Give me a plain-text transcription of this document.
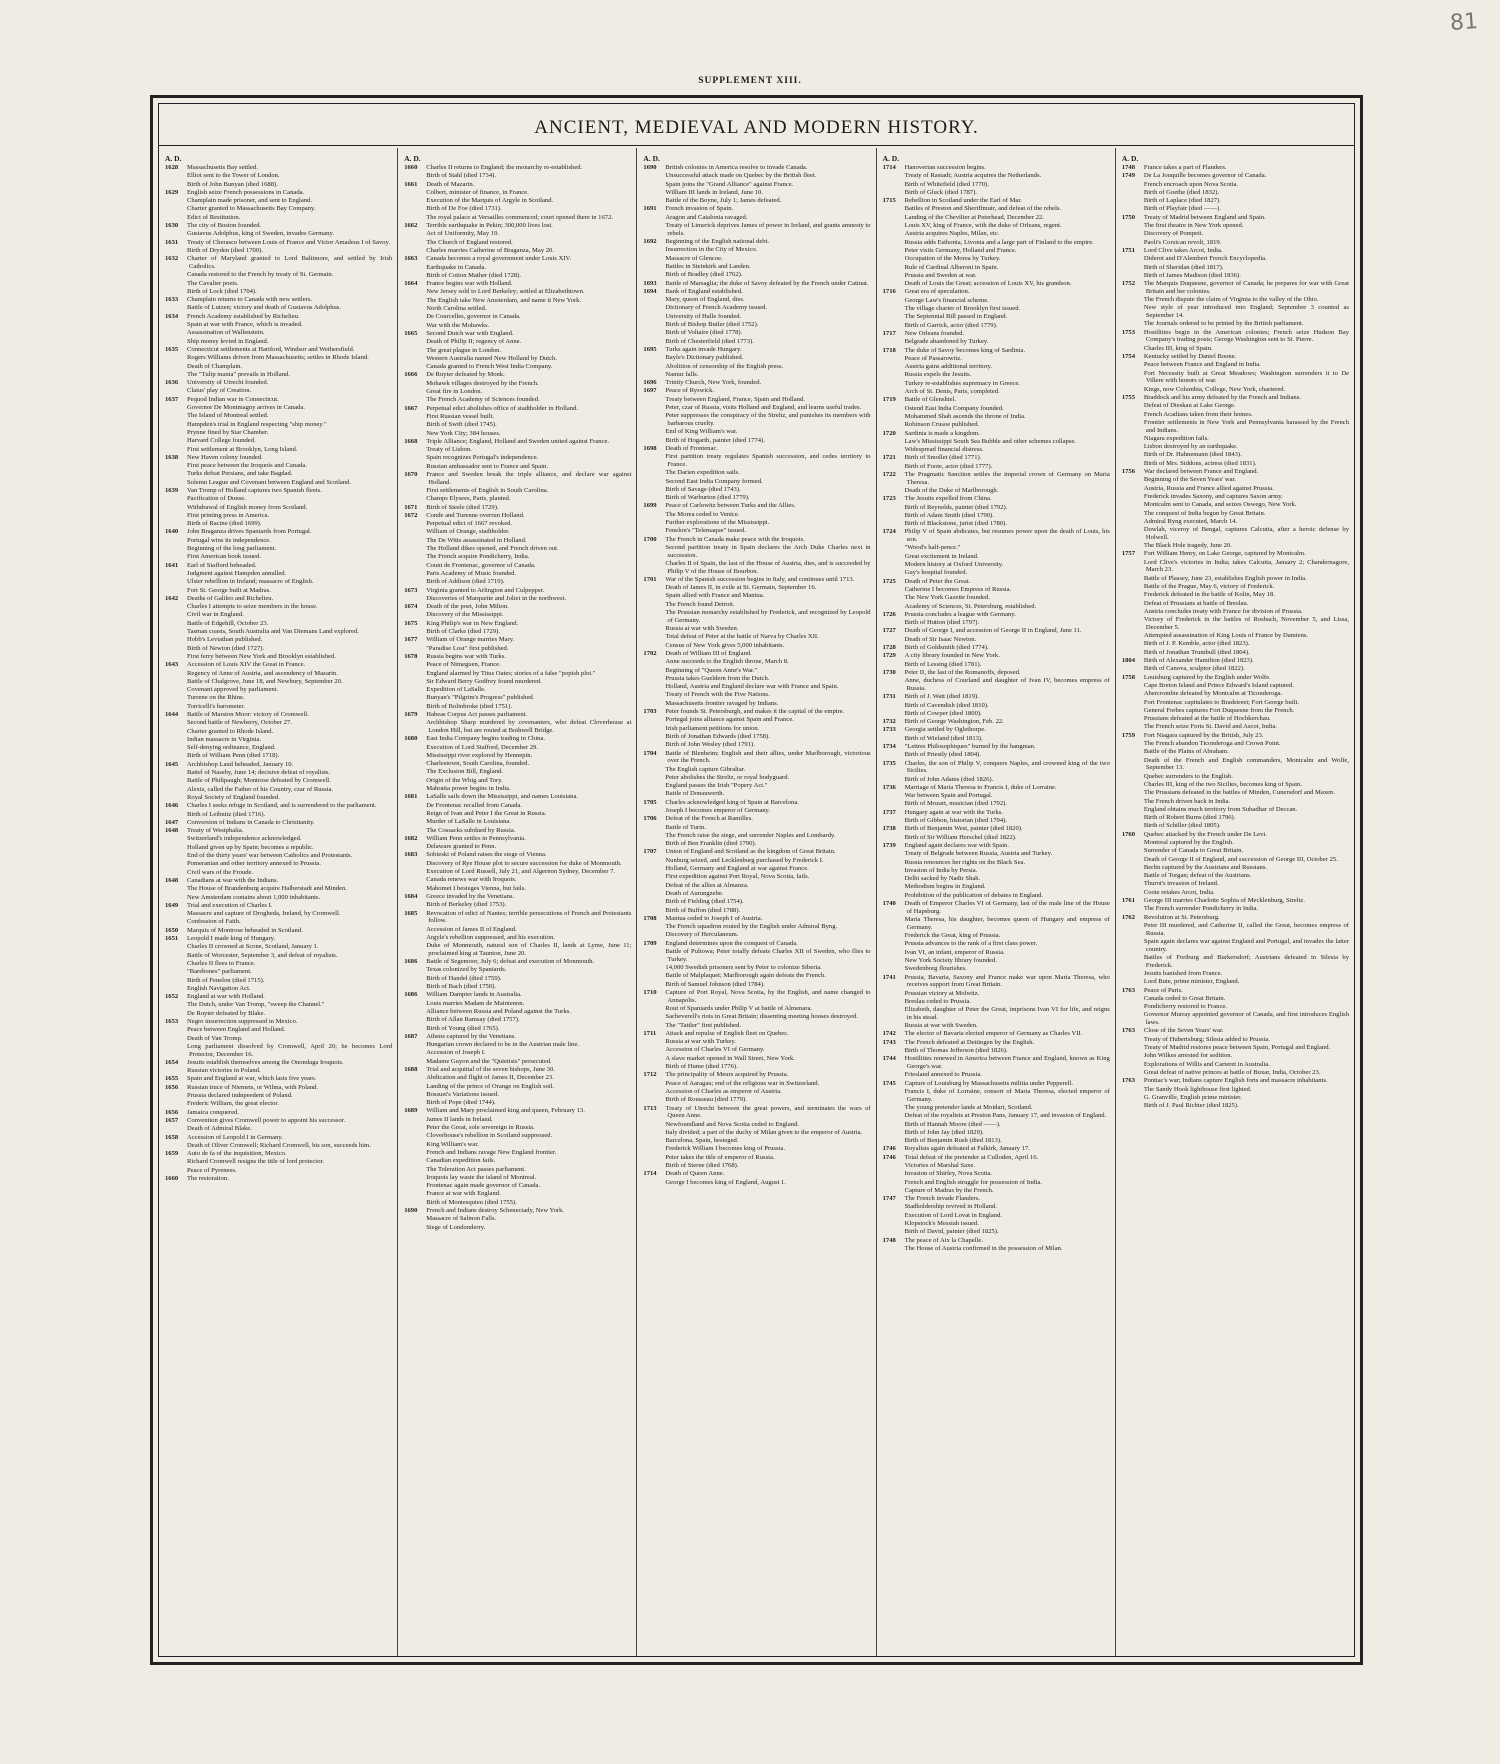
81
SUPPLEMENT XIII.
ANCIENT, MEDIEVAL AND MODERN HISTORY.
A. D.
1628	Massachusetts Bay settled.
Elliot sent to the Tower of London.
Birth of John Bunyan (died 1688).
1629	English seize French possessions in Canada.
Champlain made prisoner, and sent to England.
Charter granted to Massachusetts Bay Company.
Edict of Restitution.
1630	The city of Boston founded.
Gustavus Adolphus, king of Sweden, invades Germany.
1631	Treaty of Cherasco between Louis of France and Victor Amadeus I of Savoy.
Birth of Dryden (died 1700).
1632	Charter of Maryland granted to Lord Baltimore, and settled by Irish Catholics.
Canada restored to the French by treaty of St. Germain.
The Cavalier poets.
Birth of Lock (died 1704).
1633	Champlain returns to Canada with new settlers.
Battle of Lutzen; victory and death of Gustavus Adolphus.
1634	French Academy established by Richelieu.
Spain at war with France, which is invaded.
Assassination of Wallenstein.
Ship money levied in England.
1635	Connecticut settlements at Hartford, Windsor and Wethersfield.
Rogers Williams driven from Massachusetts; settles in Rhode Island.
Death of Champlain.
The "Tulip mania" prevails in Holland.
1636	University of Utrecht founded.
Claius' play of Creation.
1637	Pequod Indian war in Connecticut.
Governor De Montmagny arrives in Canada.
The Island of Montreal settled.
Hampden's trial in England respecting "ship money."
Prynne fined by Star Chamber.
Harvard College founded.
First settlement at Brooklyn, Long Island.
1638	New Haven colony founded.
First peace between the Iroquois and Canada.
Turks defeat Persians, and take Bagdad.
Solemn League and Covenant between England and Scotland.
1639	Van Tromp of Holland captures two Spanish fleets.
Pacification of Dunse.
Withdrawal of English money from Scotland.
First printing press in America.
Birth of Racine (died 1699).
1640	John Braganza drives Spaniards from Portugal.
Portugal wins its independence.
Beginning of the long parliament.
First American book issued.
1641	Earl of Stafford beheaded.
Judgment against Hampden annulled.
Ulster rebellion in Ireland; massacre of English.
Fort St. George built at Madras.
1642	Deaths of Galileo and Richelieu.
Charles I attempts to seize members in the house.
Civil war in England.
Battle of Edgehill, October 23.
Tasman coasts, South Australia and Van Diemans Land explored.
Hobb's Leviathan published.
Birth of Newton (died 1727).
First ferry between New York and Brooklyn established.
1643	Accession of Louis XIV the Great in France.
Regency of Anne of Austria, and ascendency of Mazarin.
Battle of Chalgrove, June 18, and Newbury, September 20.
Covenant approved by parliament.
Turrene on the Rhine.
Torricelli's barometer.
1644	Battle of Marston Moor: victory of Cromwell.
Second battle of Newberry, October 27.
Charter granted to Rhode Island.
Indian massacre in Virginia.
Self-denying ordinance, England.
Birth of William Penn (died 1718).
1645	Archbishop Laud beheaded, January 10.
Battel of Naseby, June 14; decisive defeat of royalists.
Battle of Philipaugh; Montrose defeated by Cromwell.
Alexis, called the Father of his Country, czar of Russia.
Royal Society of England founded.
1646	Charles I seeks refuge in Scotland, and is surrendered to the parliament.
Birth of Leibnitz (died 1716).
1647	Conversion of Indians in Canada to Christianity.
1648	Treaty of Westphalia.
Switzerland's independence acknowledged.
Holland given up by Spain; becomes a republic.
End of the thirty years' war between Catholics and Protestants.
Pomeranian and other territory annexed to Prussia.
Civil wars of the Froude.
1648	Canadians at war with the Indians.
The House of Brandenburg acquire Halberstadt and Minden.
New Amsterdam contains about 1,000 inhabitants.
1649	Trial and execution of Charles I.
Massacre and capture of Drogheda, Ireland, by Cromwell.
Confession of Faith.
1650	Marquis of Montrose beheaded in Scotland.
1651	Leopold I made king of Hungary.
Charles II crowned at Scone, Scotland, January 1.
Battle of Worcester, September 3, and defeat of royalists.
Charles II flees to France.
"Barebones" parliament.
Birth of Fenelon (died 1715).
English Navigation Act.
1652	England at war with Holland.
The Dutch, under Van Tromp, "sweep the Channel."
De Ruyter defeated by Blake.
1653	Negro insurrection suppressed in Mexico.
Peace between England and Holland.
Death of Van Tromp.
Long parliament dissolved by Cromwell, April 20; he becomes Lord Protector, December 16.
1654	Jesuits establish themselves among the Onondaga Iroquois.
Russian victories in Poland.
1655	Spain and England at war, which lasts five years.
1656	Russian truce of Niemets, or Wilma, with Poland.
Prussia declared indnpeedent of Poland.
Frederic William, the great elector.
1656	Jamaica conquered.
1657	Convention gives Cromwell power to appoint his successor.
Death of Admiral Blake.
1658	Accession of Leopold I in Germany.
Death of Oliver Cromwell; Richard Cromwell, his son, succeeds him.
1659	Auto de fa of the inquisition, Mexico.
Richard Cromwell resigns the title of lord protector.
Peace of Pyrenees.
1660	The restoration.
A. D.
1660	Charles II returns to England; the monarchy re-established.
Birth of Stahl (died 1734).
1661	Death of Mazarin.
Colbert, minister of finance, in France.
Execution of the Marquis of Argyle in Scotland.
Birth of De Foe (died 1731).
The royal palace at Versailles commenced; court opened there in 1672.
1662	Terrible earthquake in Pekin; 300,000 lives lost.
Act of Uniformity, May 19.
The Church of England restored.
Charles marries Catherine of Braganza, May 20.
1663	Canada becomes a royal government under Louis XIV.
Earthquake in Canada.
Birth of Cotton Mather (died 1728).
1664	France begins war with Holland.
New Jersey sold to Lord Berkeley; settled at Elizabethtown.
The English take New Amsterdam, and name it New York.
North Carolina settled.
De Courcelles, governor in Canada.
War with the Mohawks.
1665	Second Dutch war with England.
Death of Philip II; regency of Anne.
The great plague in London.
Western Australia named New Holland by Dutch.
Canada granted to French West India Company.
1666	De Ruyter defeated by Monk.
Mohawk villages destroyed by the French.
Great fire in London.
The French Academy of Sciences founded.
1667	Perpetual edict abolishes office of stadtholder in Holland.
First Russian vessel built.
Birth of Swift (died 1745).
New York City; 384 houses.
1668	Triple Alliance; England, Holland and Sweden united against France.
Treaty of Lisbon.
Spain recognizes Portugal's independence.
Russian ambassador sent to France and Spain.
1670	France and Sweden break the triple alliance, and declare war against Holland.
First settlements of English in South Carolina.
Champs Elysees, Paris, planted.
1671	Birth of Steele (died 1729).
1672	Conde and Turenne overrun Holland.
Perpetual edict of 1667 revoked.
William of Orange, stadtholder.
The De Witts assassinated in Holland.
The Holland dikes opened, and French driven out.
The French acquire Pondicherry, India.
Count de Frontenac, governor of Canada.
Paris Academy of Music founded.
Birth of Addison (died 1719).
1673	Virginia granted to Arlington and Culpepper.
Discoveries of Marquette and Joliet in the northwest.
1674	Death of the poet, John Milton.
Discovery of the Mississippi.
1675	King Philip's war in New England.
Birth of Clarke (died 1729).
1677	William of Orange marries Mary.
"Paradise Lost" first published.
1678	Russia begins war with Turks.
Peace of Nimeguen, France.
England alarmed by Titus Oates; stories of a false "popish plot."
Sir Edward Berry Godfrey found murdered.
Expedition of LaSalle.
Bunyan's "Pilgrim's Progress" published.
Birth of Bolinbroke (died 1751).
1679	Habeas Corpus Act passes parliament.
Archbishop Sharp murdered by covenanters, who defeat Cloverhouse at London Hill, but are routed at Bothwell Bridge.
1680	East India Company begins trading in China.
Execution of Lord Stafford, December 29.
Mississippi river explored by Hennepin.
Charlestown, South Carolina, founded.
The Exclusion Bill, England.
Origin of the Whig and Tory.
Mahratta power begins in India.
1681	LaSalle sails down the Mississippi, and names Louisiana.
De Frontenac recalled from Canada.
Reign of Ivan and Peter I the Great in Russia.
Murder of LaSalle in Louisiana.
The Cossacks subdued by Russia.
1682	William Penn settles in Pennsylvania.
Delaware granted to Penn.
1683	Sobieski of Poland raises the siege of Vienna.
Discovery of Rye House plot to secure succession for duke of Monmouth.
Execution of Lord Russell, July 21, and Algernon Sydney, December 7.
Canada renews war with Iroquois.
Mahomet I besieges Vienna, but fails.
1684	Greece invaded by the Venetians.
Birth of Berkeley (died 1753).
1685	Revocation of edict of Nantes; terrible persecutions of French and Protestants follow.
Accession of James II of England.
Argyle's rebellion suppressed, and his execution.
Duke of Monmouth, natural son of Charles II, lands at Lyme, June 11; proclaimed king at Taunton, June 20.
1686	Battle of Segemoor, July 6; defeat and execution of Monmouth.
Texas colonized by Spaniards.
Birth of Handel (died 1759).
Birth of Bach (died 1750).
1686	William Dampier lands in Australia.
Louis marries Madam de Maintenon.
Alliance between Russia and Poland against the Turks.
Birth of Allan Ramsay (died 1757).
Birth of Young (died 1765).
1687	Athens captured by the Venetians.
Hungarian crown declared to be in the Austrian male line.
Accession of Joseph I.
Madame Guyon and the "Quietists" persecuted.
1688	Trial and acquittal of the seven bishops, June 30.
Abdication and flight of James II, December 23.
Landing of the prince of Orange on English soil.
Bossuet's Variations issued.
Birth of Pope (died 1744).
1689	William and Mary proclaimed king and queen, February 13.
James II lands in Ireland.
Peter the Great, sole sovereign in Russia.
Cloverhouse's rebellion in Scotland suppressed.
King William's war.
French and Indians ravage New England frontier.
Canadian expedition fails.
The Toleration Act passes parliament.
Iroquois lay waste the island of Montreal.
Frontenac again made governor of Canada.
France at war with England.
Birth of Montesquieu (died 1755).
1690	French and Indians destroy Schenectady, New York.
Massacre of Salmon Falls.
Siege of Londonderry.
A. D.
1690	British colonies in America resolve to invade Canada.
Unsuccessful attack made on Quebec by the British fleet.
Spain joins the "Grand Alliance" against France.
William III lands in Ireland, June 10.
Battle of the Boyne, July 1; James defeated.
1691	French invasion of Spain.
Aragon and Catalonia ravaged.
Treaty of Limerick deprives James of power in Ireland, and grants amnesty to rebels.
1692	Beginning of the English national debt.
Insurrection in the City of Mexico.
Massacre of Glencoe.
Battles in Steinkirk and Landen.
Birth of Bradley (died 1762).
1693	Battle of Marsaglia; the duke of Savoy defeated by the French under Catinat.
1694	Bank of England established.
Mary, queen of England, dies.
Dictionary of French Academy issued.
University of Halle founded.
Birth of Bishop Butler (died 1752).
Birth of Voltaire (died 1778).
Birth of Chesterfield (died 1773).
1695	Turks again invade Hungary.
Bayle's Dictionary published.
Abolition of censorship of the English press.
Namur falls.
1696	Trinity Church, New York, founded.
1697	Peace of Ryswick.
Treaty between England, France, Spain and Holland.
Peter, czar of Russia, visits Holland and England, and learns useful trades.
Peter suppresses the conspiracy of the Streltz, and punishes its members with barbarous cruelty.
End of King William's war.
Birth of Hogarth, painter (died 1774).
1698	Death of Frontenac.
First partition treaty regulates Spanish succession, and cedes territory to France.
The Darien expedition sails.
Second East India Company formed.
Birth of Savage (died 1743).
Birth of Warburton (died 1779).
1699	Peace of Carlowitz between Turks and the Allies.
The Morea ceded to Venice.
Further explorations of the Mississippi.
Fenelon's "Telemaque" issued.
1700	The French in Canada make peace with the Iroquois.
Second partition treaty in Spain declares the Arch Duke Charles next in succession.
Charles II of Spain, the last of the House of Austria, dies, and is succeeded by Philip V of the House of Bourbon.
1701	War of the Spanish succession begins in Italy, and continues until 1713.
Death of James II, in exile at St. Germain, September 16.
Spain allied with France and Mantua.
The French found Detroit.
The Prussian monarchy established by Frederick, and recognized by Leopold of Germany.
Russia at war with Sweden.
Total defeat of Peter at the battle of Narva by Charles XII.
Census of New York gives 5,000 inhabitants.
1702	Death of William III of England.
Anne succeeds to the English throne, March 8.
Beginning of "Queen Anne's War."
Prussia takes Gueldern from the Dutch.
Holland, Austria and England declare war with France and Spain.
Treaty of French with the Five Nations.
Massachusetts frontier ravaged by Indians.
1703	Peter founds St. Petersburgh, and makes it the capital of the empire.
Portugal joins alliance against Spain and France.
Irish parliament petitions for union.
Birth of Jonathan Edwards (died 1758).
Birth of John Wesley (died 1791).
1704	Battle of Blenheim; English and their allies, under Marlborough, victorious over the French.
The English capture Gibraltar.
Peter abolishes the Streltz, or royal bodyguard.
England passes the Irish "Popery Act."
Battle of Donauwerth.
1705	Charles acknowledged king of Spain at Barcelona.
Joseph I becomes emperor of Germany.
1706	Defeat of the French at Ramilles.
Battle of Turin.
The French raise the siege, and surrender Naples and Lombardy.
Birth of Ben Franklin (died 1790).
1707	Union of England and Scotland as the kingdom of Great Britain.
Nunburg seized, and Lecklenburg purchased by Frederick I.
Holland, Germany and England at war against France.
First expedition against Port Royal, Nova Scotia, fails.
Defeat of the allies at Almanza.
Death of Aurungzebe.
Birth of Fielding (died 1754).
Birth of Buffon (died 1788).
1708	Mantua ceded to Joseph I of Austria.
The French squadron routed by the English under Admiral Byng.
Discovery of Herculaneum.
1709	England determines upon the conquest of Canada.
Battle of Pultowa; Peter totally defeats Charles XII of Sweden, who flies to Turkey.
14,000 Swedish prisoners sent by Peter to colonize Siberia.
Battle of Malplaquet; Marlborough again defeats the French.
Birth of Samuel Johnson (died 1784).
1710	Capture of Port Royal, Nova Scotia, by the English, and name changed to Annapolis.
Rout of Spaniards under Philip V at battle of Almenara.
Sacheverell's riots in Great Britain; dissenting meeting houses destroyed.
The "Tattler" first published.
1711	Attack and repulse of English fleet on Quebec.
Russia at war with Turkey.
Accession of Charles VI of Germany.
A slave market opened in Wall Street, New York.
Birth of Hume (died 1776).
1712	The principality of Meurs acquired by Prussia.
Peace of Aaragau; end of the religious war in Switzerland.
Accession of Charles as emperor of Austria.
Birth of Rousseau (died 1779).
1713	Treaty of Utrecht between the great powers, and terminates the wars of Queen Anne.
Newfoundland and Nova Scotia ceded to England.
Italy divided; a part of the duchy of Milan given to the emperor of Austria.
Barcelona, Spain, besieged.
Frederick William I becomes king of Prussia.
Peter takes the title of emperor of Russia.
Birth of Sterne (died 1768).
1714	Death of Queen Anne.
George I becomes king of England, August 1.
A. D.
1714	Hanoverian succession begins.
Treaty of Rastadt; Austria acquires the Netherlands.
Birth of Whitefield (died 1770).
Birth of Gluck (died 1787).
1715	Rebellion in Scotland under the Earl of Mar.
Battles of Preston and Sheriffmuir, and defeat of the rebels.
Landing of the Chevilier at Peterhead, December 22.
Louis XV, king of France, with the duke of Orleans, regent.
Austria acquires Naples, Milan, etc.
Russia adds Esthonia, Livonia and a large part of Finland to the empire.
Peter visits Germany, Holland and France.
Occupation of the Morea by Turkey.
Rule of Cardinal Alberoni in Spain.
Prussia and Sweden at war.
Death of Louis the Great; accession of Louis XV, his grandson.
1716	Great era of speculation.
George Law's financial scheme.
The village charter of Brooklyn first issued.
The Septennial Bill passed in England.
Birth of Garrick, actor (died 1779).
1717	New Orleans founded.
Belgrade abandoned by Turkey.
1718	The duke of Savoy becomes king of Sardinia.
Peace of Passarowitz.
Austria gains additional territory.
Russia expels the Jesuits.
Turkey re-establishes supremacy in Greece.
Arch of St. Denis, Paris, completed.
1719	Battle of Glenshiel.
Ostend East India Company founded.
Mohammed Shah ascends the throne of India.
Robinson Crusoe published.
1720	Sardinia is made a kingdom.
Law's Mississippi South Sea Bubble and other schemes collapse.
Widespread financial distress.
1721	Birth of Smollet (died 1771).
Birth of Foote, actor (died 1777).
1722	The Pragmatic Sanction settles the imperial crown of Germany on Maria Theresa.
Death of the Duke of Marlborough.
1723	The Jesuits expelled from China.
Birth of Reynolds, painter (died 1792).
Birth of Adam Smith (died 1790).
Birth of Blackstone, jurist (died 1780).
1724	Philip V of Spain abdicates, but resumes power upon the death of Louis, his son.
"Wood's half-pence."
Great excitement in Ireland.
Modern history at Oxford University.
Guy's hospital founded.
1725	Death of Peter the Great.
Catherine I becomes Empress of Russia.
The New York Gazette founded.
Academy of Sciences, St. Petersburg, established.
1726	Prussia concludes a league with Germany.
Birth of Hutton (died 1797).
1727	Death of George I, and accession of George II in England, June 11.
Death of Sir Isaac Newton.
1728	Birth of Goldsmith (died 1774).
1729	A city library founded in New York.
Birth of Lessing (died 1781).
1730	Peter II, the last of the Romanoffs, deposed.
Anne, duchess of Courland and daughter of Ivan IV, becomes empress of Russia.
1731	Birth of J. Watt (died 1819).
Birth of Cavendish (died 1810).
Birth of Cowper (died 1800).
1732	Birth of George Washington, Feb. 22.
1733	Georgia settled by Oglethorpe.
Birth of Wieland (died 1813).
1734	"Lettres Philosophiques" burned by the hangman.
Birth of Priestly (died 1804).
1735	Charles, the son of Philip V, conquers Naples, and crowned king of the two Sicilies.
Birth of John Adams (died 1826).
1736	Marriage of Maria Theresa to Francis I, duke of Lorraine.
War between Spain and Portugal.
Birth of Mozart, musician (died 1792).
1737	Hungary again at war with the Turks.
Birth of Gibbon, historian (died 1794).
1738	Birth of Benjamin West, painter (died 1820).
Birth of Sir William Herschel (died 1822).
1739	England again declares war with Spain.
Treaty of Belgrade between Russia, Austria and Turkey.
Russia renounces her rights on the Black Sea.
Invasion of India by Persia.
Delhi sacked by Nadir Shah.
Methodism begins in England.
Prohibition of the publication of debates in England.
1740	Death of Emperor Charles VI of Germany, last of the male line of the House of Hapsburg.
Maria Theresa, his daughter, becomes queen of Hungary and empress of Germany.
Frederick the Great, king of Prussia.
Prussia advances to the rank of a first class power.
Ivan VI, an infant, emperor of Russia.
New York Society library founded.
Swedenborg flourishes.
1741	Prussia, Bavaria, Saxony and France make war upon Maria Theresa, who receives support from Great Britain.
Prussian victory at Molwitz.
Breslau ceded to Prussia.
Elizabeth, daughter of Peter the Great, imprisons Ivan VI for life, and reigns in his stead.
Russia at war with Sweden.
1742	The elector of Bavaria elected emperor of Germany as Charles VII.
1743	The French defeated at Dettingen by the English.
Birth of Thomas Jefferson (died 1826).
1744	Hostilities renewed in America between France and England, known as King George's war.
Friesland annexed to Prussia.
1745	Capture of Louisburg by Massachusetts militia under Pepperell.
Francis I, duke of Lorraine, consort of Maria Theresa, elected emperor of Germany.
The young pretender lands at Moidart, Scotland.
Defeat of the royalists at Preston Pans, January 17, and invasion of England.
Birth of Hannah Moore (died ——).
Birth of John Jay (died 1829).
Birth of Benjamin Rush (died 1813).
1746	Royalists again defeated at Falkirk, January 17.
1746	Total defeat of the pretender at Culloden, April 16.
Victories of Marshal Saxe.
Invasion of Shirley, Nova Scotia.
French and English struggle for possession of India.
Capture of Madras by the French.
1747	The French invade Flanders.
Stadholdership revived in Holland.
Execution of Lord Lovat in England.
Klopstock's Messiah issued.
Birth of David, painter (died 1825).
1748	The peace of Aix la Chapelle.
The House of Austria confirmed in the possession of Milan.
A. D.
1748	France takes a part of Flanders.
1749	De La Jouquille becomes governor of Canada.
French encroach upon Nova Scotia.
Birth of Goethe (died 1832).
Birth of Laplace (died 1827).
Birth of Playfair (died ——).
1750	Treaty of Madrid between England and Spain.
The first theatre in New York opened.
Discovery of Pompeii.
Paoli's Corsican revolt, 1819.
1751	Lord Clive takes Arcot, India.
Diderot and D'Alembert French Encyclopedia.
Birth of Sheridan (died 1817).
Birth of James Madison (died 1836).
1752	The Marquis Duquesne, governor of Canada; he prepares for war with Great Britain and her colonies.
The French dispute the claim of Virginia to the valley of the Ohio.
New style of year introduced into England; September 3 counted as September 14.
The Journals ordered to be printed by the British parliament.
1753	Hostilities begin in the American colonies; French seize Hudson Bay Company's trading posts; George Washington sent to St. Pierre.
Charles III, king of Spain.
1754	Kentucky settled by Daniel Boone.
Peace between France and England in India.
Fort Necessity built at Great Meadows; Washington surrenders it to De Villere with honors of war.
Kings, now Columbia, College, New York, chartered.
1755	Braddock and his army defeated by the French and Indians.
Defeat of Dieskau at Lake George.
French Acadians taken from their homes.
Frontier settlements in New York and Pennsylvania harassed by the French and Indians.
Niagara expedition fails.
Lisbon destroyed by an earthquake.
Birth of Dr. Hahnemann (died 1843).
Birth of Mrs. Siddons, actress (died 1831).
1756	War declared between France and England.
Beginning of the Seven Years' war.
Austria, Russia and France allied against Prussia.
Frederick invades Saxony, and captures Saxon army.
Montcalm sent to Canada, and seizes Oswego, New York.
The conquest of India begun by Great Britain.
Admiral Byng executed, March 14.
Dowlah, viceroy of Bengal, captures Calcutta, after a heroic defense by Holwell.
The Black Hole tragedy, June 20.
1757	Fort William Henry, on Lake George, captured by Montcalm.
Lord Clive's victories in India; takes Calcutta, January 2; Chandernagore, March 23.
Battle of Plassey, June 23, establishes English power in India.
Battle of the Prague, May 6, victory of Frederick.
Frederick defeated in the battle of Kolin, May 18.
Defeat of Prussians at battle of Breslau.
Austria concludes treaty with France for division of Prussia.
Victory of Frederick in the battles of Rosbach, November 5, and Lissa, December 5.
Attempted assassination of King Louis of France by Damiens.
Birth of J. P. Kemble, actor (died 1823).
Birth of Jonathan Trumbull (died 1804).
1804	Birth of Alexander Hamilton (died 1823).
Birth of Canova, sculptor (died 1822).
1758	Louisburg captured by the English under Wolfe.
Cape Breton Island and Prince Edward's Island captured.
Abercrombie defeated by Montcalm at Ticonderoga.
Fort Frontenac capitulates to Bradstreet; Fort George built.
General Forbes captures Fort Duquesne from the French.
Prussians defeated at the battle of Hochkerchau.
The French seize Forts St. David and Ascot, India.
1759	Fort Niagara captured by the British, July 23.
The French abandon Ticonderoga and Crown Point.
Battle of the Plains of Abraham.
Death of the French and English commanders, Montcalm and Wolfe, September 13.
Quebec surrenders to the English.
Charles III, king of the two Sicilies, becomes king of Spain.
The Prussians defeated in the battles of Minden, Cunersdorf and Maxen.
The French driven back in India.
England obtains much territory from Subadhar of Deccan.
Birth of Robert Burns (died 1796).
Birth of Schiller (died 1805).
1760	Quebec attacked by the French under De Levi.
Montreal captured by the English.
Surrender of Canada to Great Britain.
Death of George II of England, and succession of George III, October 25.
Berlin captured by the Austrians and Russians.
Battle of Torgan; defeat of the Austrians.
Thurot's invasion of Ireland.
Coote retakes Arcot, India.
1761	George III marries Charlotte Sophia of Mecklenburg, Streltz.
The French surrender Pondicherry in India.
1762	Revolution at St. Petersburg.
Peter III murdered, and Catherine II, called the Great, becomes empress of Russia.
Spain again declares war against England and Portugal, and invades the latter country.
Battles of Freiburg and Burkersdorf; Austrians defeated in Silesia by Frederick.
Jesuits banished from France.
Lord Bute, prime minister, England.
1763	Peace of Paris.
Canada ceded to Great Britain.
Pondicherry restored to France.
Governor Murray appointed governor of Canada, and first introduces English laws.
1763	Close of the Seven Years' war.
Treaty of Hubertsburg; Silesia added to Prussia.
Treaty of Madrid restores peace between Spain, Portugal and England.
John Wilkes arrested for sedition.
Explorations of Willis and Carteret in Australia.
Great defeat of native princes at battle of Buxar, India, October 23.
1763	Pontiac's war; Indians capture English forts and massacre inhabitants.
The Sandy Hook lighthouse first lighted.
G. Granville, English prime minister.
Birth of J. Paul Richter (died 1825).
